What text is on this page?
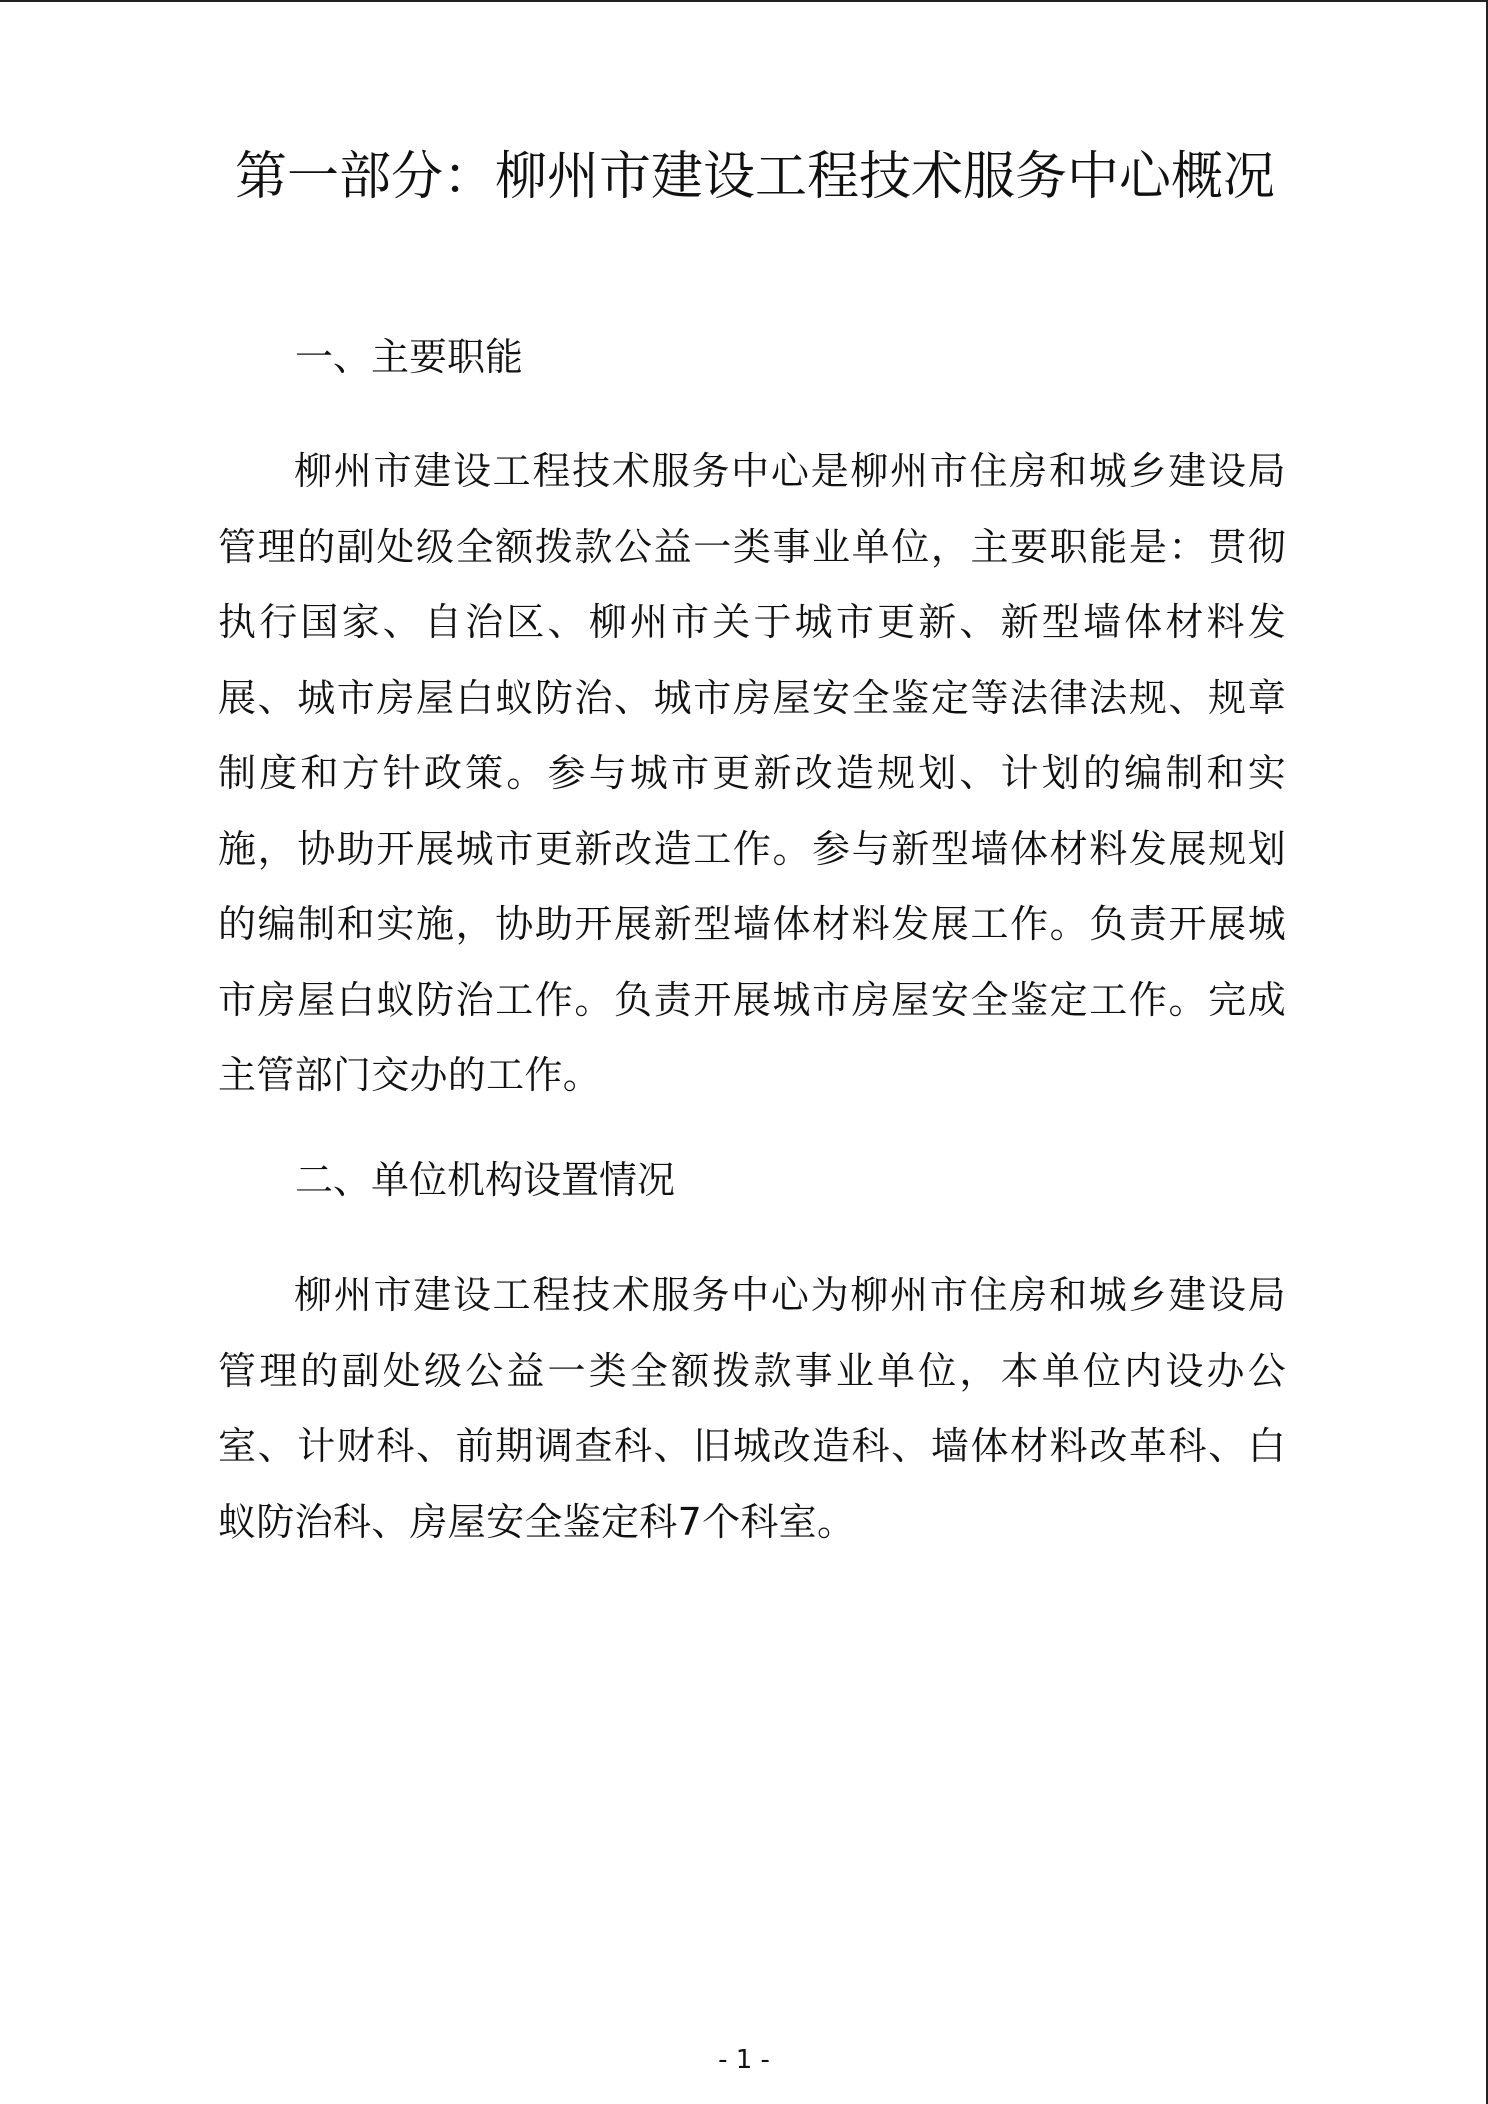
第一部分：柳州市建设工程技术服务中心概况
一、主要职能

柳州市建设工程技术服务中心是柳州市住房和城乡建设局管理的副处级全额拨款公益一类事业单位，主要职能是：贯彻执行国家、自治区、柳州市关于城市更新、新型墙体材料发展、城市房屋白蚁防治、城市房屋安全鉴定等法律法规、规章制度和方针政策。参与城市更新改造规划、计划的编制和实施，协助开展城市更新改造工作。参与新型墙体材料发展规划的编制和实施，协助开展新型墙体材料发展工作。负责开展城市房屋白蚁防治工作。负责开展城市房屋安全鉴定工作。完成主管部门交办的工作。

二、单位机构设置情况

柳州市建设工程技术服务中心为柳州市住房和城乡建设局管理的副处级公益一类全额拨款事业单位，本单位内设办公室、计财科、前期调查科、旧城改造科、墙体材料改革科、白蚁防治科、房屋安全鉴定科7个科室。

- 1 -
